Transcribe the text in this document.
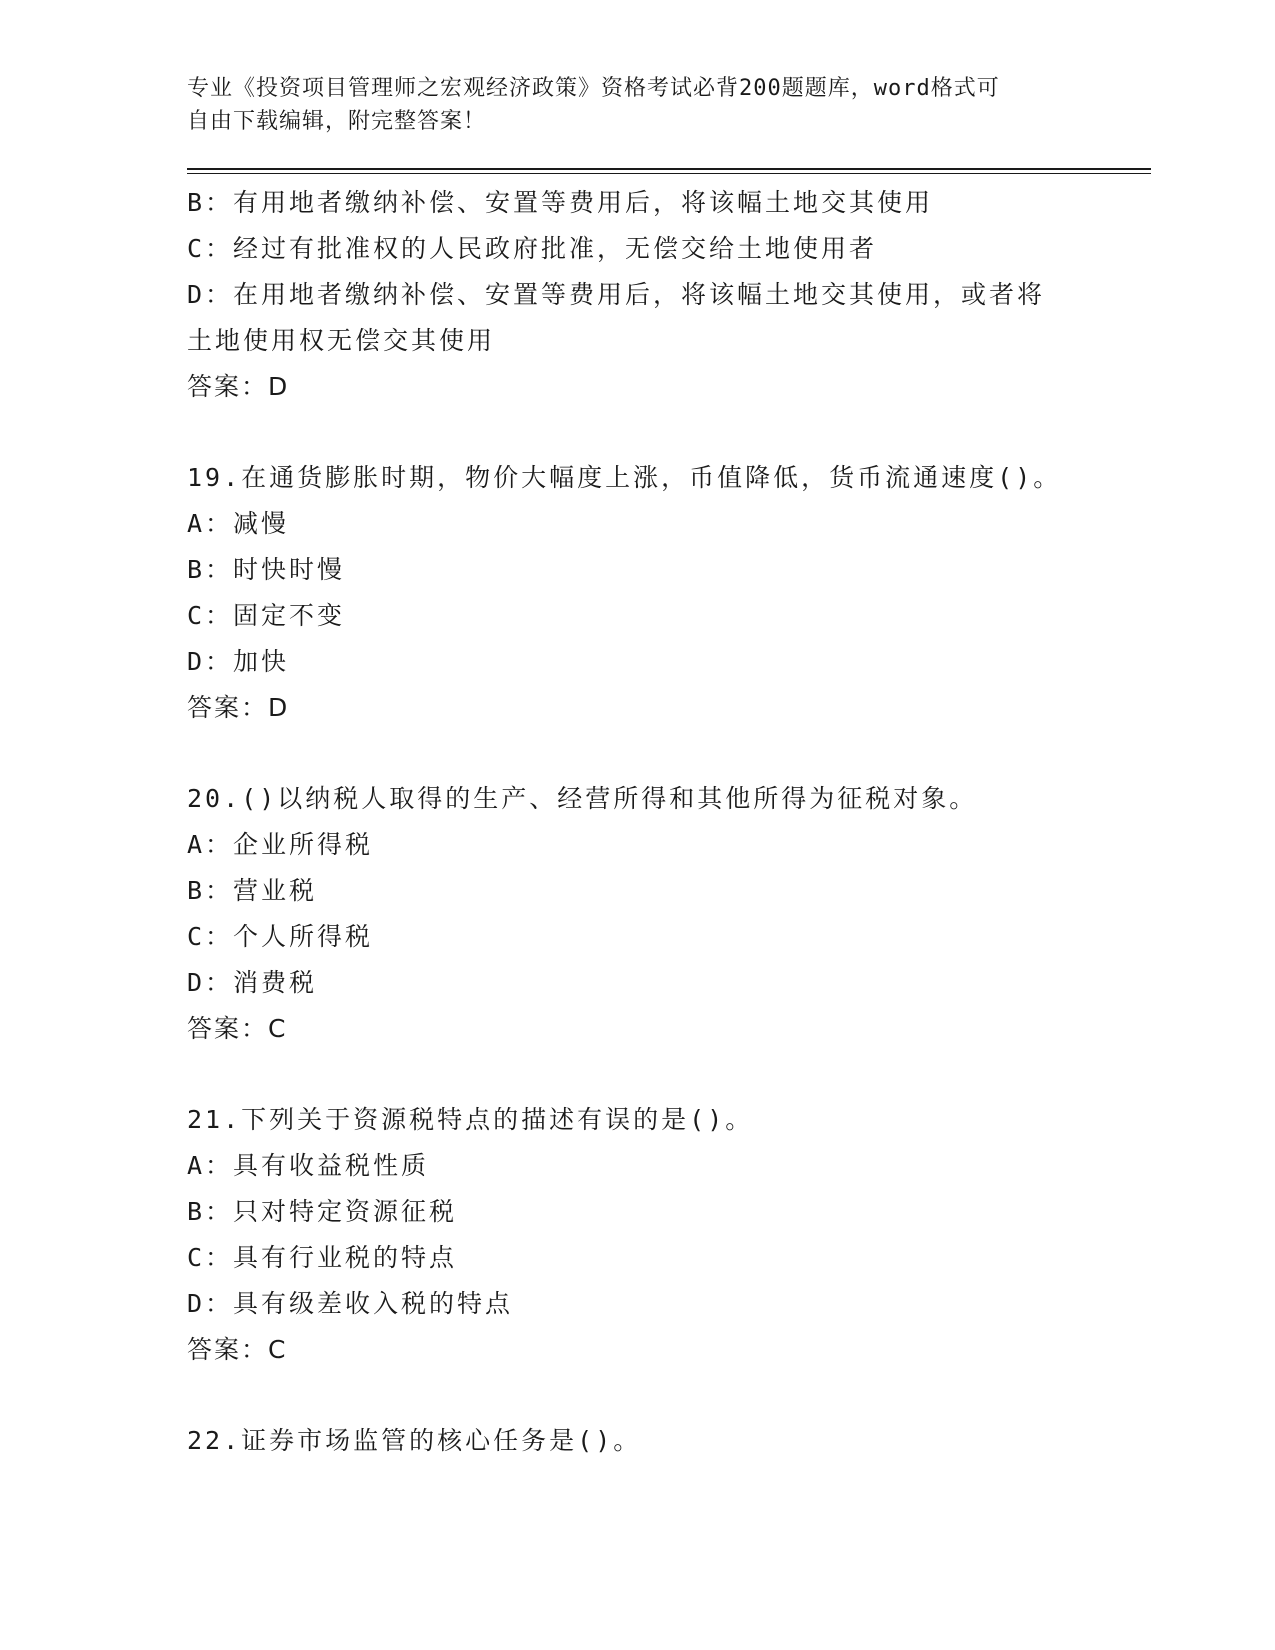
专业《投资项目管理师之宏观经济政策》资格考试必背200题题库，word格式可
自由下载编辑，附完整答案！
B：有用地者缴纳补偿、安置等费用后，将该幅土地交其使用
C：经过有批准权的人民政府批准，无偿交给土地使用者
D：在用地者缴纳补偿、安置等费用后，将该幅土地交其使用，或者将
土地使用权无偿交其使用
答案：D
19.在通货膨胀时期，物价大幅度上涨，币值降低，货币流通速度()。
A：减慢
B：时快时慢
C：固定不变
D：加快
答案：D
20.()以纳税人取得的生产、经营所得和其他所得为征税对象。
A：企业所得税
B：营业税
C：个人所得税
D：消费税
答案：C
21.下列关于资源税特点的描述有误的是()。
A：具有收益税性质
B：只对特定资源征税
C：具有行业税的特点
D：具有级差收入税的特点
答案：C
22.证券市场监管的核心任务是()。
